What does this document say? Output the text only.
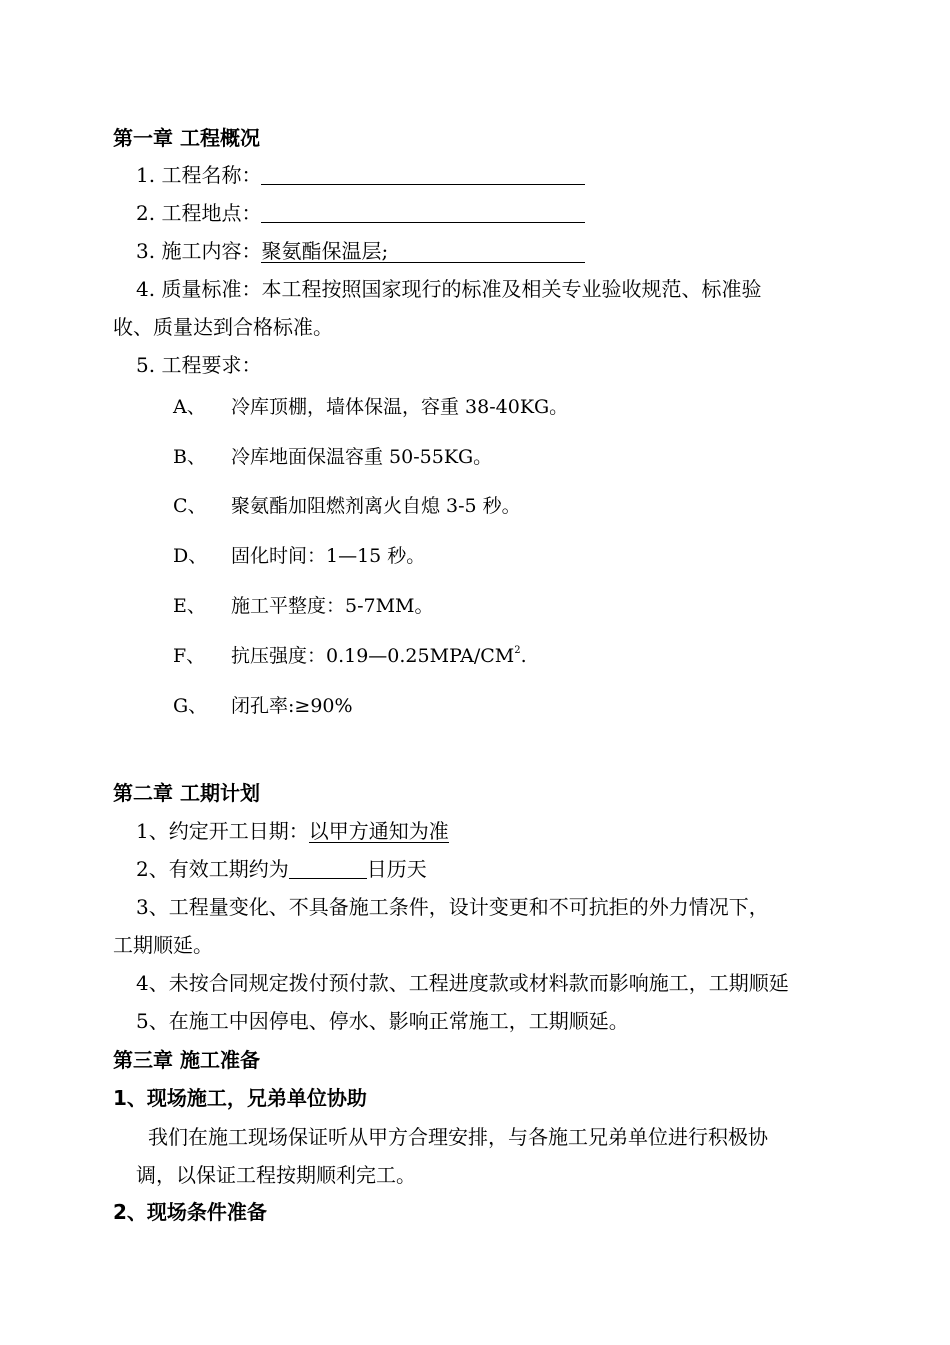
第一章 工程概况
1. 工程名称：
2. 工程地点：
3. 施工内容：聚氨酯保温层;
4. 质量标准：本工程按照国家现行的标准及相关专业验收规范、标准验
收、质量达到合格标准。
5. 工程要求：
A、 冷库顶棚，墙体保温，容重 38-40KG。
B、 冷库地面保温容重 50-55KG。
C、 聚氨酯加阻燃剂离火自熄 3-5 秒。
D、 固化时间：1—15 秒。
E、 施工平整度：5-7MM。
F、 抗压强度：$0.19—0.25MPA/CM^2$.
G、 闭孔率:≥90%
第二章 工期计划
1、约定开工日期：以甲方通知为准
2、有效工期约为	日历天
3、工程量变化、不具备施工条件，设计变更和不可抗拒的外力情况下，
工期顺延。
4、未按合同规定拨付预付款、工程进度款或材料款而影响施工，工期顺延
5、在施工中因停电、停水、影响正常施工，工期顺延。
第三章 施工准备
1、现场施工，兄弟单位协助
我们在施工现场保证听从甲方合理安排，与各施工兄弟单位进行积极协
调，以保证工程按期顺利完工。
2、现场条件准备
